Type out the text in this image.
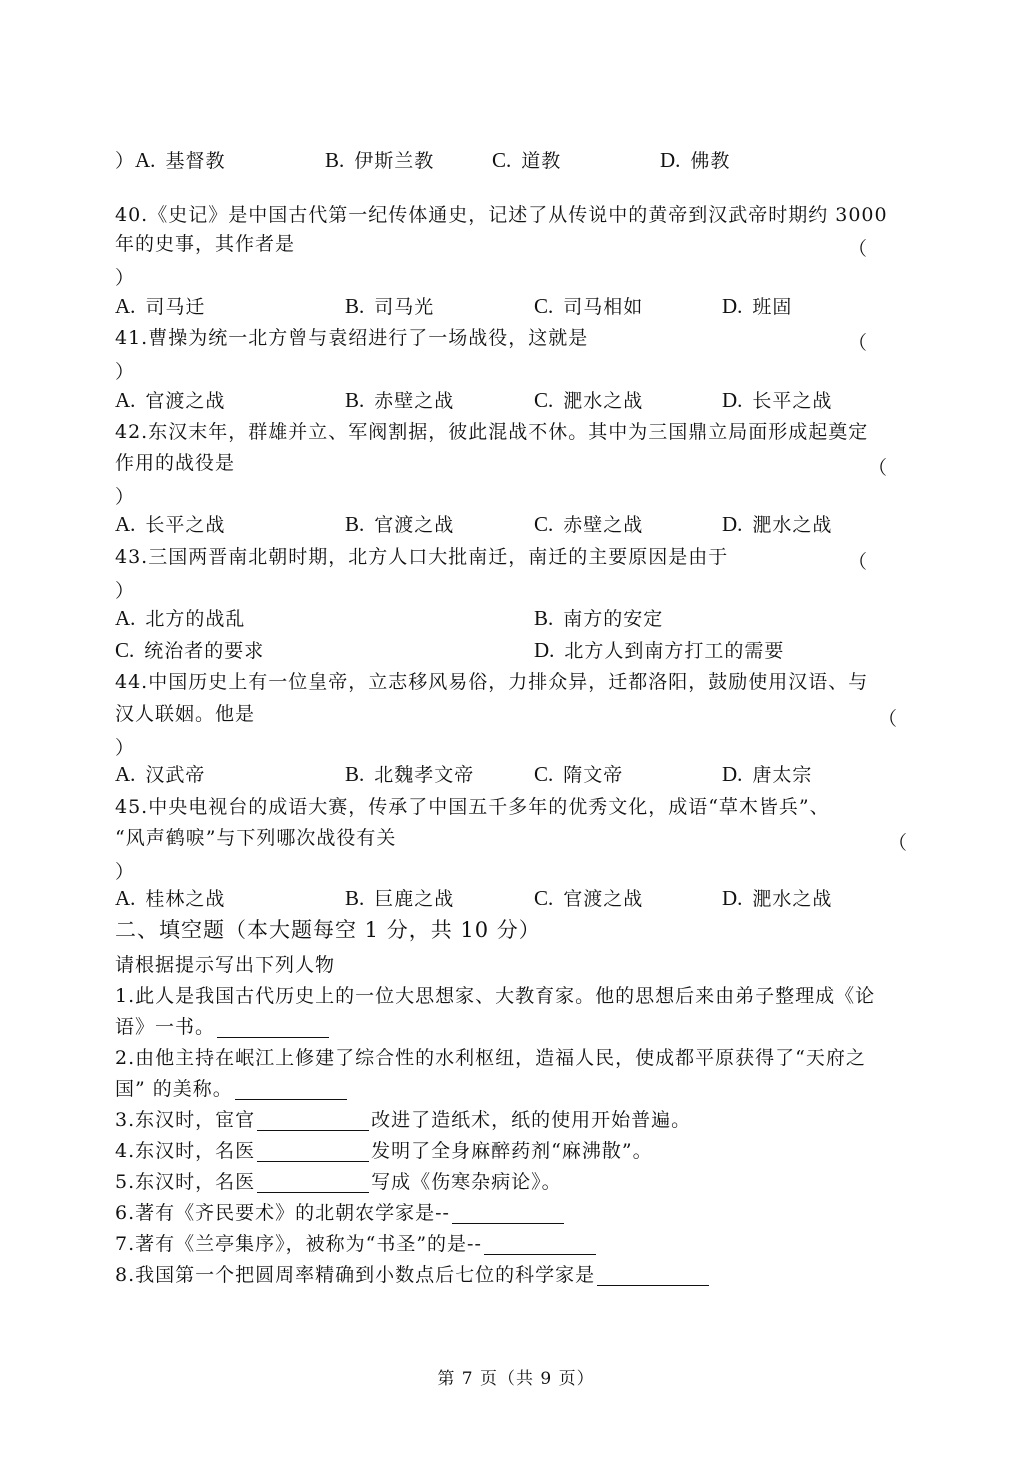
）A. 基督教	B. 伊斯兰教	C. 道教	D. 佛教
40.《史记》是中国古代第一纪传体通史，记述了从传说中的黄帝到汉武帝时期约 3000
年的史事，其作者是	（
）
A. 司马迁	B. 司马光	C. 司马相如	D. 班固
41.曹操为统一北方曾与袁绍进行了一场战役，这就是	（
）
A. 官渡之战	B. 赤壁之战	C. 淝水之战	D. 长平之战
42.东汉末年，群雄并立、军阀割据，彼此混战不休。其中为三国鼎立局面形成起奠定
作用的战役是	（
）
A. 长平之战	B. 官渡之战	C. 赤壁之战	D. 淝水之战
43.三国两晋南北朝时期，北方人口大批南迁，南迁的主要原因是由于	（
）
A. 北方的战乱	B. 南方的安定
C. 统治者的要求	D. 北方人到南方打工的需要
44.中国历史上有一位皇帝，立志移风易俗，力排众异，迁都洛阳，鼓励使用汉语、与
汉人联姻。他是	（
）
A. 汉武帝	B. 北魏孝文帝	C. 隋文帝	D. 唐太宗
45.中央电视台的成语大赛，传承了中国五千多年的优秀文化，成语“草木皆兵”、
“风声鹤唳”与下列哪次战役有关	（
）
A. 桂林之战	B. 巨鹿之战	C. 官渡之战	D. 淝水之战
二、填空题（本大题每空 1 分，共 10 分）
请根据提示写出下列人物
1.此人是我国古代历史上的一位大思想家、大教育家。他的思想后来由弟子整理成《论
语》一书。
2.由他主持在岷江上修建了综合性的水利枢纽，造福人民，使成都平原获得了“天府之
国” 的美称。
3.东汉时，宦官	改进了造纸术，纸的使用开始普遍。
4.东汉时，名医	发明了全身麻醉药剂“麻沸散”。
5.东汉时，名医	写成《伤寒杂病论》。
6.著有《齐民要术》的北朝农学家是--
7.著有《兰亭集序》，被称为“书圣”的是--
8.我国第一个把圆周率精确到小数点后七位的科学家是
第 7 页（共 9 页）
